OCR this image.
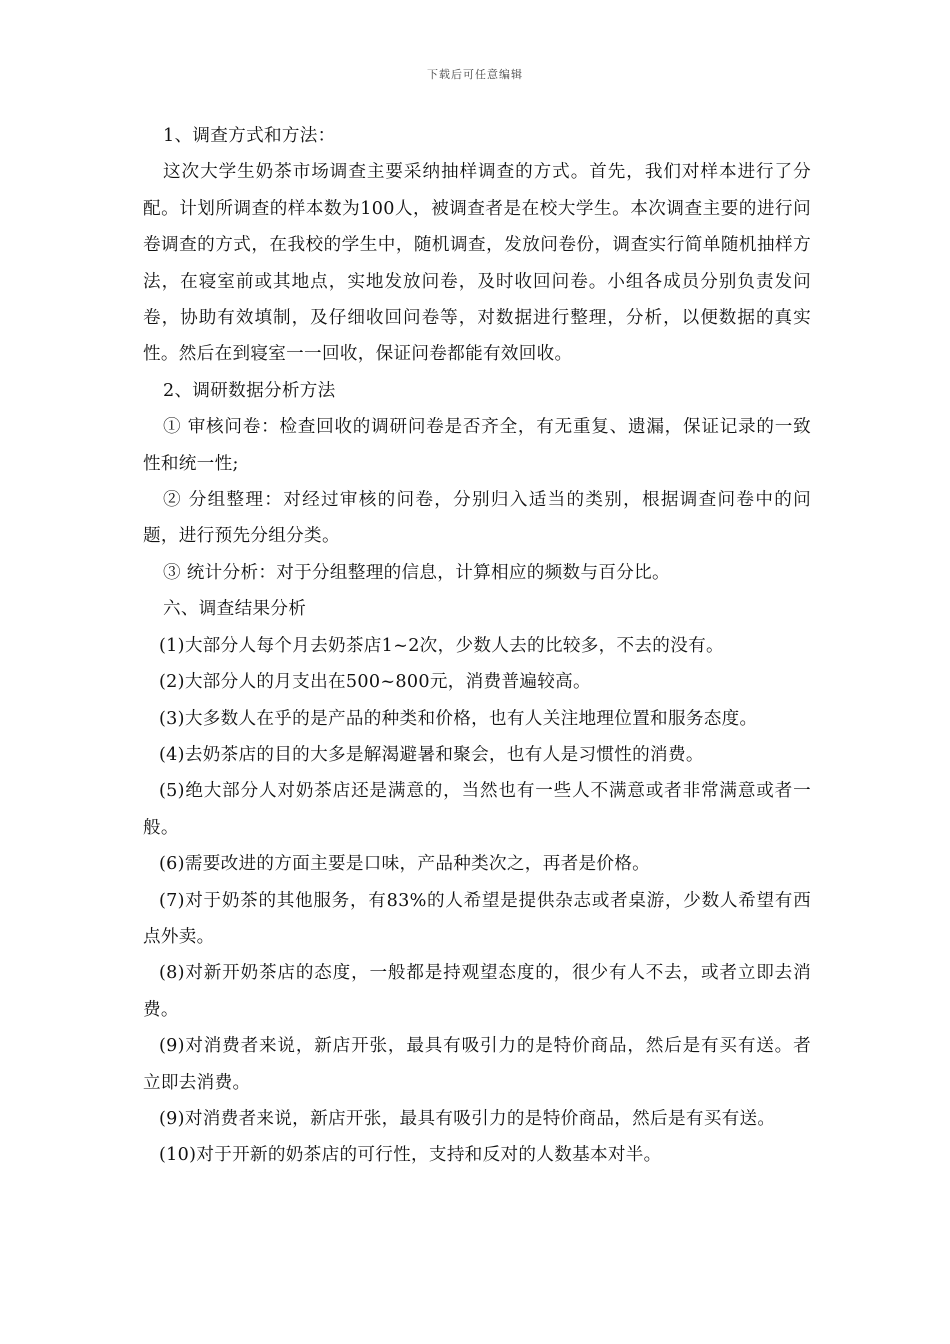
下载后可任意编辑

1、调查方式和方法：

这次大学生奶茶市场调查主要采纳抽样调查的方式。首先，我们对样本进行了分配。计划所调查的样本数为100人，被调查者是在校大学生。本次调查主要的进行问卷调查的方式，在我校的学生中，随机调查，发放问卷份，调查实行简单随机抽样方法，在寝室前或其地点，实地发放问卷，及时收回问卷。小组各成员分别负责发问卷，协助有效填制，及仔细收回问卷等，对数据进行整理，分析，以便数据的真实性。然后在到寝室一一回收，保证问卷都能有效回收。

2、调研数据分析方法

① 审核问卷：检查回收的调研问卷是否齐全，有无重复、遗漏，保证记录的一致性和统一性;

② 分组整理：对经过审核的问卷，分别归入适当的类别，根据调查问卷中的问题，进行预先分组分类。

③ 统计分析：对于分组整理的信息，计算相应的频数与百分比。

六、调查结果分析

(1)大部分人每个月去奶茶店1~2次，少数人去的比较多，不去的没有。

(2)大部分人的月支出在500~800元，消费普遍较高。

(3)大多数人在乎的是产品的种类和价格，也有人关注地理位置和服务态度。

(4)去奶茶店的目的大多是解渴避暑和聚会，也有人是习惯性的消费。

(5)绝大部分人对奶茶店还是满意的，当然也有一些人不满意或者非常满意或者一般。

(6)需要改进的方面主要是口味，产品种类次之，再者是价格。

(7)对于奶茶的其他服务，有83%的人希望是提供杂志或者桌游，少数人希望有西点外卖。

(8)对新开奶茶店的态度，一般都是持观望态度的，很少有人不去，或者立即去消费。

(9)对消费者来说，新店开张，最具有吸引力的是特价商品，然后是有买有送。者立即去消费。

(9)对消费者来说，新店开张，最具有吸引力的是特价商品，然后是有买有送。

(10)对于开新的奶茶店的可行性，支持和反对的人数基本对半。
